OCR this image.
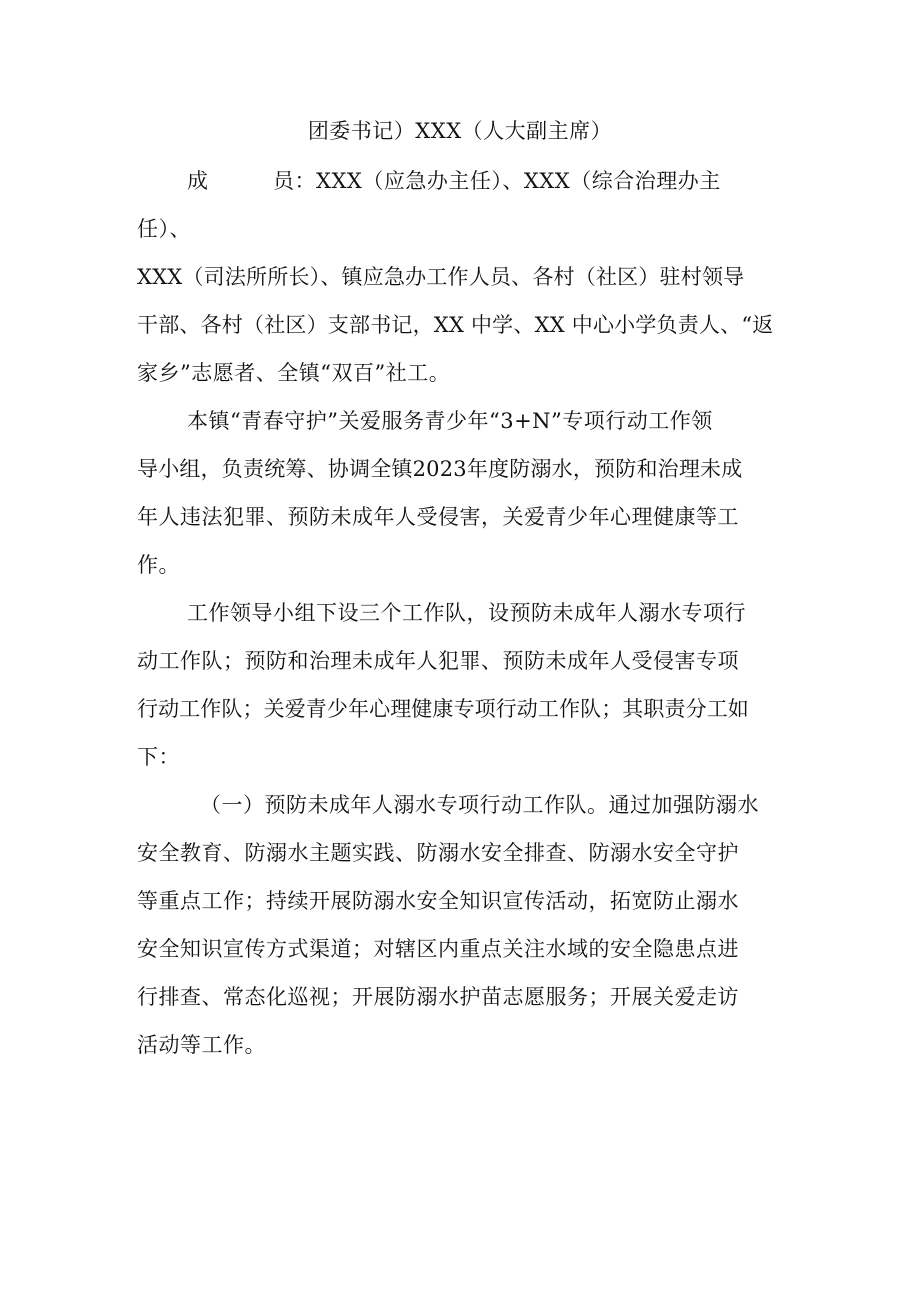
团委书记）XXX（人大副主席）
成　　　员：XXX（应急办主任）、XXX（综合治理办主
任）、
XXX（司法所所长）、镇应急办工作人员、各村（社区）驻村领导
干部、各村（社区）支部书记，XX 中学、XX 中心小学负责人、“返
家乡”志愿者、全镇“双百”社工。
本镇“青春守护”关爱服务青少年“3+N”专项行动工作领
导小组，负责统筹、协调全镇2023年度防溺水，预防和治理未成
年人违法犯罪、预防未成年人受侵害，关爱青少年心理健康等工
作。
工作领导小组下设三个工作队，设预防未成年人溺水专项行
动工作队；预防和治理未成年人犯罪、预防未成年人受侵害专项
行动工作队；关爱青少年心理健康专项行动工作队；其职责分工如
下：
（一）预防未成年人溺水专项行动工作队。通过加强防溺水
安全教育、防溺水主题实践、防溺水安全排查、防溺水安全守护
等重点工作；持续开展防溺水安全知识宣传活动，拓宽防止溺水
安全知识宣传方式渠道；对辖区内重点关注水域的安全隐患点进
行排查、常态化巡视；开展防溺水护苗志愿服务；开展关爱走访
活动等工作。
